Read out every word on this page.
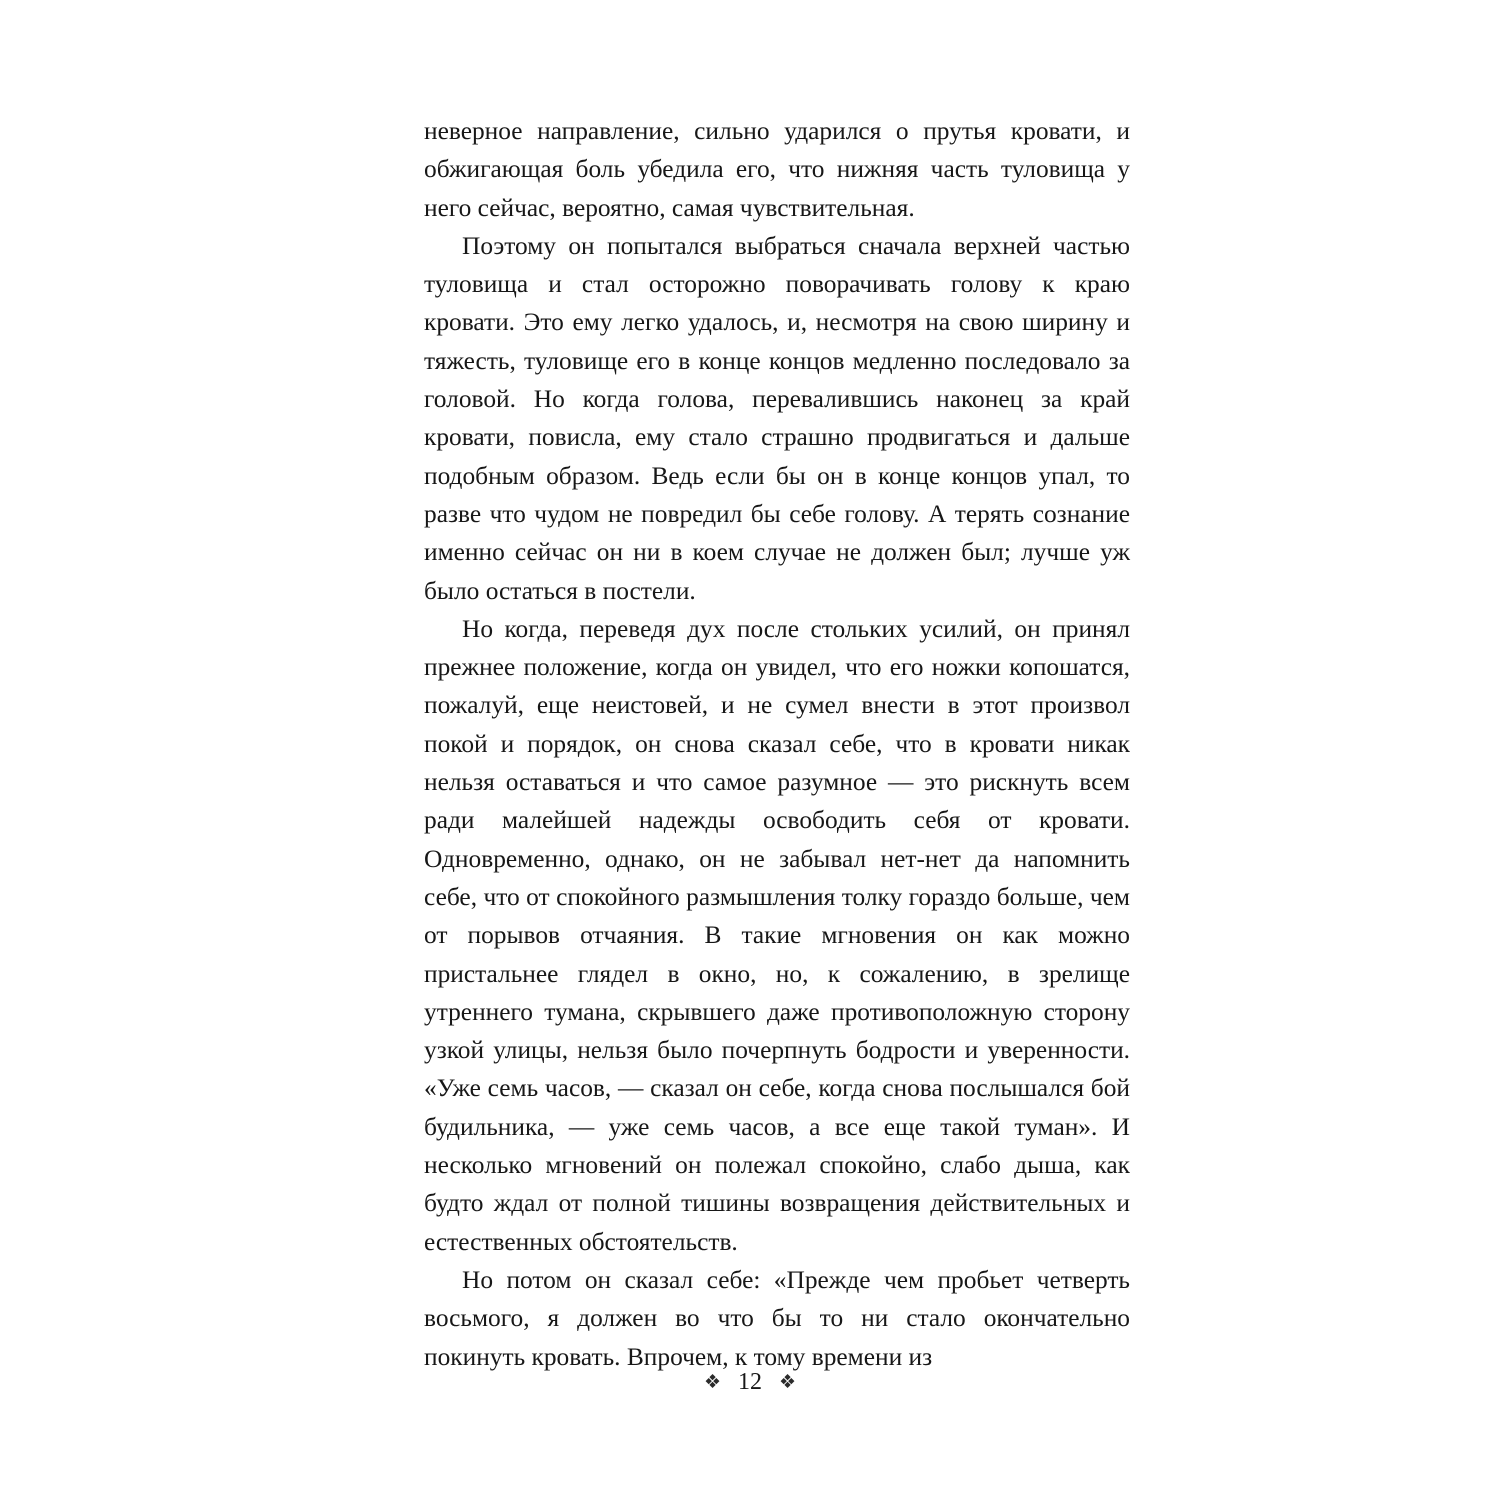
неверное направление, сильно ударился о прутья кровати, и обжигающая боль убедила его, что нижняя часть туловища у него сейчас, вероятно, самая чувствительная.

Поэтому он попытался выбраться сначала верхней частью туловища и стал осторожно поворачивать голову к краю кровати. Это ему легко удалось, и, несмотря на свою ширину и тяжесть, туловище его в конце концов медленно последовало за головой. Но когда голова, перевалившись наконец за край кровати, повисла, ему стало страшно продвигаться и дальше подобным образом. Ведь если бы он в конце концов упал, то разве что чудом не повредил бы себе голову. А терять сознание именно сейчас он ни в коем случае не должен был; лучше уж было остаться в постели.

Но когда, переведя дух после стольких усилий, он принял прежнее положение, когда он увидел, что его ножки копошатся, пожалуй, еще неистовей, и не сумел внести в этот произвол покой и порядок, он снова сказал себе, что в кровати никак нельзя оставаться и что самое разумное — это рискнуть всем ради малейшей надежды освободить себя от кровати. Одновременно, однако, он не забывал нет-нет да напомнить себе, что от спокойного размышления толку гораздо больше, чем от порывов отчаяния. В такие мгновения он как можно пристальнее глядел в окно, но, к сожалению, в зрелище утреннего тумана, скрывшего даже противоположную сторону узкой улицы, нельзя было почерпнуть бодрости и уверенности. «Уже семь часов, — сказал он себе, когда снова послышался бой будильника, — уже семь часов, а все еще такой туман». И несколько мгновений он полежал спокойно, слабо дыша, как будто ждал от полной тишины возвращения действительных и естественных обстоятельств.

Но потом он сказал себе: «Прежде чем пробьет четверть восьмого, я должен во что бы то ни стало окончательно покинуть кровать. Впрочем, к тому времени из

❖ 12 ❖
